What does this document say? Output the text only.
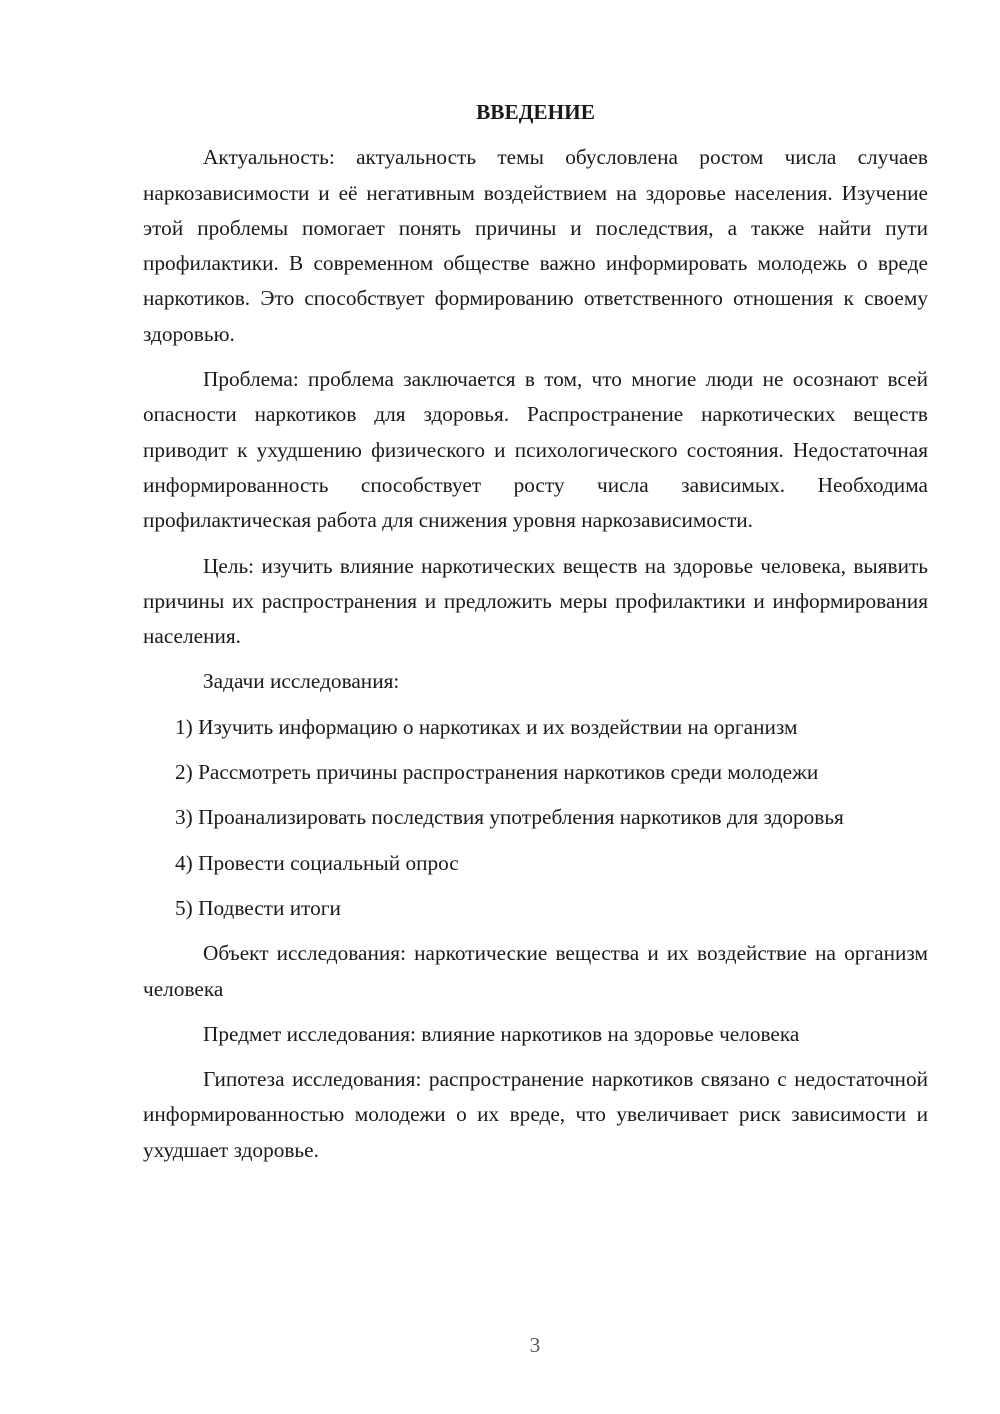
ВВЕДЕНИЕ

Актуальность: актуальность темы обусловлена ростом числа случаев наркозависимости и её негативным воздействием на здоровье населения. Изучение этой проблемы помогает понять причины и последствия, а также найти пути профилактики. В современном обществе важно информировать молодежь о вреде наркотиков. Это способствует формированию ответственного отношения к своему здоровью.

Проблема: проблема заключается в том, что многие люди не осознают всей опасности наркотиков для здоровья. Распространение наркотических веществ приводит к ухудшению физического и психологического состояния. Недостаточная информированность способствует росту числа зависимых. Необходима профилактическая работа для снижения уровня наркозависимости.

Цель: изучить влияние наркотических веществ на здоровье человека, выявить причины их распространения и предложить меры профилактики и информирования населения.

Задачи исследования:

1) Изучить информацию о наркотиках и их воздействии на организм

2) Рассмотреть причины распространения наркотиков среди молодежи

3) Проанализировать последствия употребления наркотиков для здоровья

4) Провести социальный опрос

5) Подвести итоги

Объект исследования: наркотические вещества и их воздействие на организм человека

Предмет исследования: влияние наркотиков на здоровье человека

Гипотеза исследования: распространение наркотиков связано с недостаточной информированностью молодежи о их вреде, что увеличивает риск зависимости и ухудшает здоровье.

3
